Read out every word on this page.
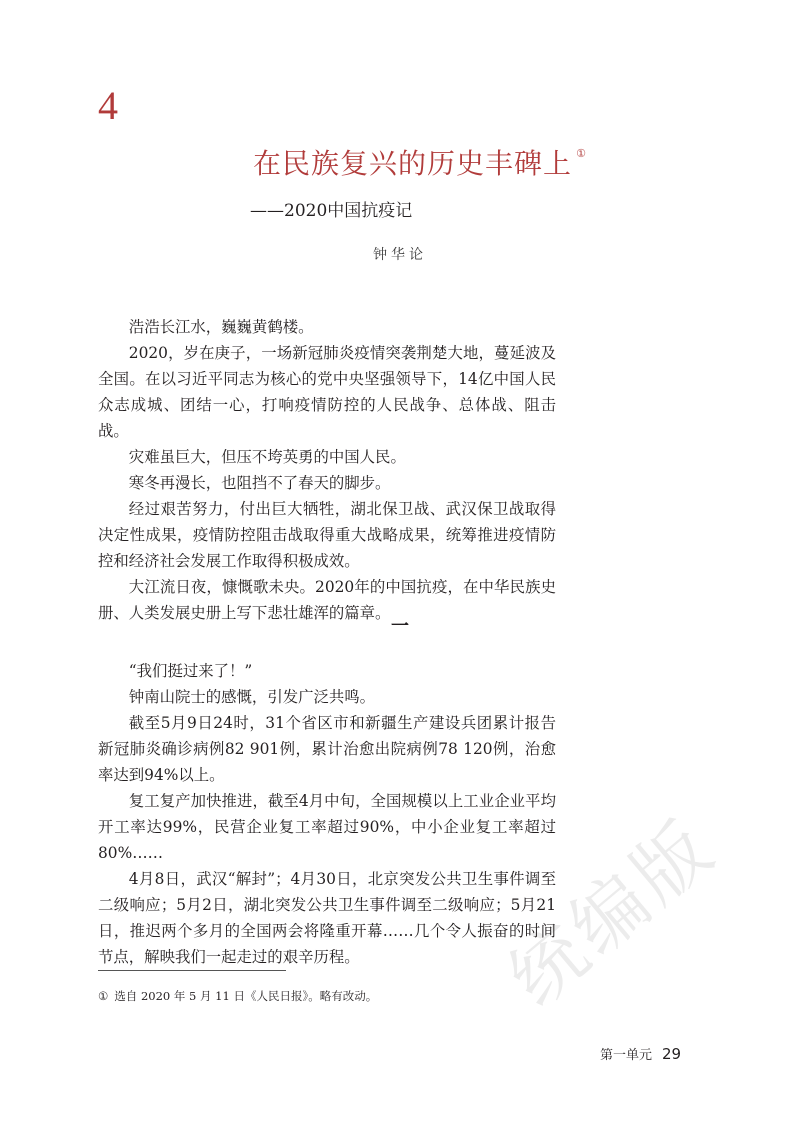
统编版
4
在民族复兴的历史丰碑上 ①
——2020中国抗疫记
钟华论

浩浩长江水，巍巍黄鹤楼。

2020，岁在庚子，一场新冠肺炎疫情突袭荆楚大地，蔓延波及全国。在以习近平同志为核心的党中央坚强领导下，14亿中国人民众志成城、团结一心，打响疫情防控的人民战争、总体战、阻击战。

灾难虽巨大，但压不垮英勇的中国人民。

寒冬再漫长，也阻挡不了春天的脚步。

经过艰苦努力，付出巨大牺牲，湖北保卫战、武汉保卫战取得决定性成果，疫情防控阻击战取得重大战略成果，统筹推进疫情防控和经济社会发展工作取得积极成效。

大江流日夜，慷慨歌未央。2020年的中国抗疫，在中华民族史册、人类发展史册上写下悲壮雄浑的篇章。

一

“我们挺过来了！”

钟南山院士的感慨，引发广泛共鸣。

截至5月9日24时，31个省区市和新疆生产建设兵团累计报告新冠肺炎确诊病例82 901例，累计治愈出院病例78 120例，治愈率达到94%以上。

复工复产加快推进，截至4月中旬，全国规模以上工业企业平均开工率达99%，民营企业复工率超过90%，中小企业复工率超过80%……

4月8日，武汉“解封”；4月30日，北京突发公共卫生事件调至二级响应；5月2日，湖北突发公共卫生事件调至二级响应；5月21日，推迟两个多月的全国两会将隆重开幕……几个令人振奋的时间节点，解映我们一起走过的艰辛历程。

① 选自 2020 年 5 月 11 日《人民日报》。略有改动。
第一单元 29
